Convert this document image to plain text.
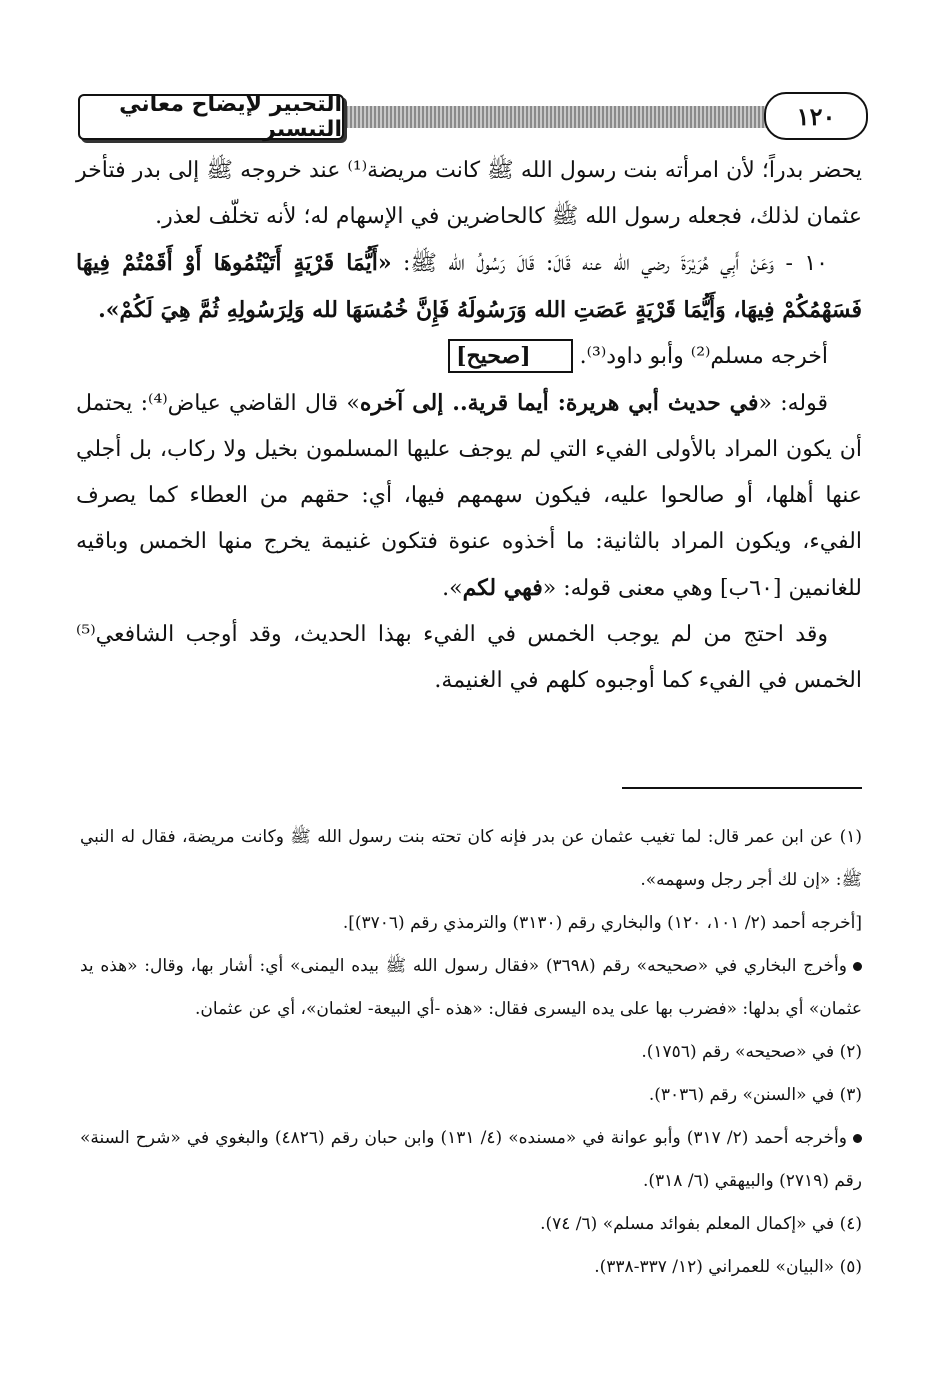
التحبير لإيضاح معاني التيسير	١٢٠

يحضر بدراً؛ لأن امرأته بنت رسول الله ﷺ كانت مريضة⁽¹⁾ عند خروجه ﷺ إلى بدر فتأخر عثمان لذلك، فجعله رسول الله ﷺ كالحاضرين في الإسهام له؛ لأنه تخلّف لعذر.

١٠ - وَعَنْ أَبِي هُرَيْرَةَ رضي الله عنه قَالَ: قَالَ رَسُولُ الله ﷺ: «أَيُّمَا قَرْيَةٍ أَتَيْتُمُوهَا أَوْ أَقَمْتُمْ فِيهَا فَسَهْمُكُمْ فِيهَا، وَأَيُّمَا قَرْيَةٍ عَصَتِ الله وَرَسُولَهُ فَإِنَّ خُمُسَهَا لله وَلِرَسُولِهِ ثُمَّ هِيَ لَكُمْ».

أخرجه مسلم⁽²⁾ وأبو داود⁽³⁾. [صحيح]

قوله: «في حديث أبي هريرة: أيما قرية.. إلى آخره» قال القاضي عياض⁽⁴⁾: يحتمل أن يكون المراد بالأولى الفيء التي لم يوجف عليها المسلمون بخيل ولا ركاب، بل أجلي عنها أهلها، أو صالحوا عليه، فيكون سهمهم فيها، أي: حقهم من العطاء كما يصرف الفيء، ويكون المراد بالثانية: ما أخذوه عنوة فتكون غنيمة يخرج منها الخمس وباقيه للغانمين [٦٠ب] وهي معنى قوله: «فهي لكم».

وقد احتج من لم يوجب الخمس في الفيء بهذا الحديث، وقد أوجب الشافعي⁽⁵⁾ الخمس في الفيء كما أوجبوه كلهم في الغنيمة.

(١) عن ابن عمر قال: لما تغيب عثمان عن بدر فإنه كان تحته بنت رسول الله ﷺ وكانت مريضة، فقال له النبي ﷺ: «إن لك أجر رجل وسهمه».

[أخرجه أحمد (٢/ ١٠١، ١٢٠) والبخاري رقم (٣١٣٠) والترمذي رقم (٣٧٠٦)].

وأخرج البخاري في «صحيحه» رقم (٣٦٩٨) «فقال رسول الله ﷺ بيده اليمنى» أي: أشار بها، وقال: «هذه يد عثمان» أي بدلها: «فضرب بها على يده اليسرى فقال: «هذه -أي البيعة- لعثمان»، أي عن عثمان.

(٢) في «صحيحه» رقم (١٧٥٦).

(٣) في «السنن» رقم (٣٠٣٦).

وأخرجه أحمد (٢/ ٣١٧) وأبو عوانة في «مسنده» (٤/ ١٣١) وابن حبان رقم (٤٨٢٦) والبغوي في «شرح السنة» رقم (٢٧١٩) والبيهقي (٦/ ٣١٨).

(٤) في «إكمال المعلم بفوائد مسلم» (٦/ ٧٤).

(٥) «البيان» للعمراني (١٢/ ٣٣٧-٣٣٨).
